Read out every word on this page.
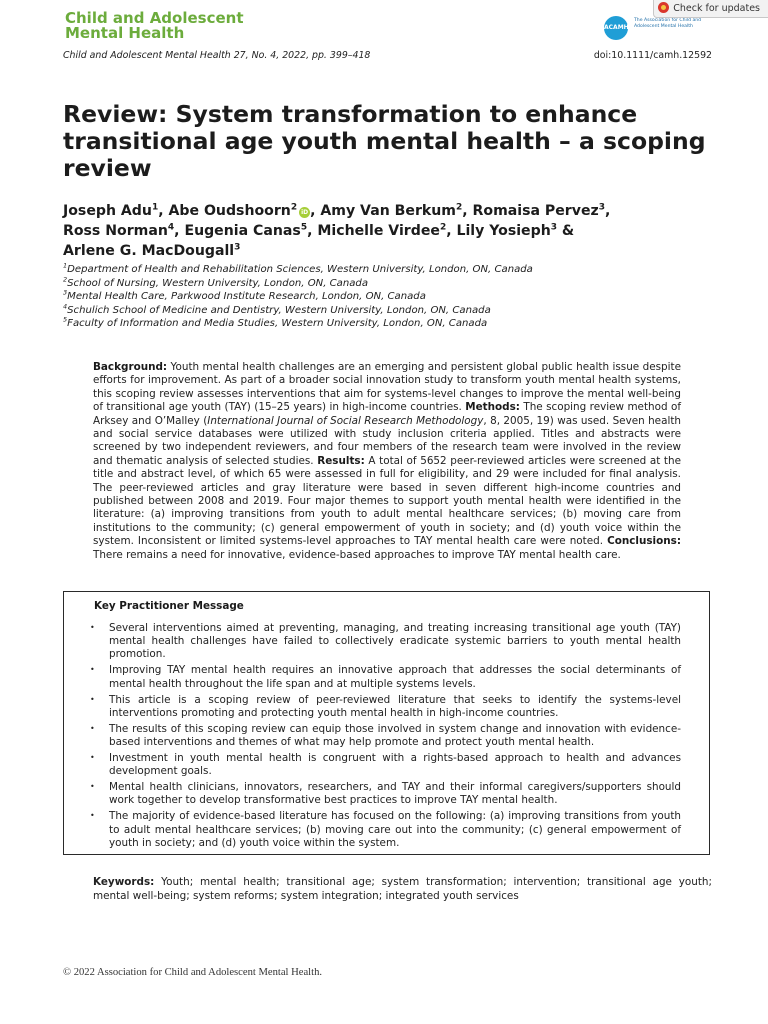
Child and Adolescent
Mental Health	ACAMH
The Association for Child and Adolescent Mental Health
Check for updates
Child and Adolescent Mental Health 27, No. 4, 2022, pp. 399–418	doi:10.1111/camh.12592
Review: System transformation to enhance
transitional age youth mental health – a scoping
review
Joseph Adu$^1$, Abe Oudshoorn$^2$iD , Amy Van Berkum$^2$, Romaisa Pervez$^3$,
Ross Norman$^4$, Eugenia Canas$^5$, Michelle Virdee$^2$, Lily Yosieph$^3$ &
Arlene G. MacDougall$^3$
$^1$Department of Health and Rehabilitation Sciences, Western University, London, ON, Canada
$^2$School of Nursing, Western University, London, ON, Canada
$^3$Mental Health Care, Parkwood Institute Research, London, ON, Canada
$^4$Schulich School of Medicine and Dentistry, Western University, London, ON, Canada
$^5$Faculty of Information and Media Studies, Western University, London, ON, Canada
Background: Youth mental health challenges are an emerging and persistent global public health issue despite efforts for improvement. As part of a broader social innovation study to transform youth mental health systems, this scoping review assesses interventions that aim for systems-level changes to improve the mental well-being of transitional age youth (TAY) (15–25 years) in high-income countries. Methods: The scoping review method of Arksey and O’Malley (International Journal of Social Research Methodology, 8, 2005, 19) was used. Seven health and social service databases were utilized with study inclusion criteria applied. Titles and abstracts were screened by two independent reviewers, and four members of the research team were involved in the review and thematic analysis of selected studies. Results: A total of 5652 peer-reviewed articles were screened at the title and abstract level, of which 65 were assessed in full for eligibility, and 29 were included for final analysis. The peer-reviewed articles and gray literature were based in seven different high-income countries and published between 2008 and 2019. Four major themes to support youth mental health were identified in the literature: (a) improving transitions from youth to adult mental healthcare services; (b) moving care from institutions to the community; (c) general empowerment of youth in society; and (d) youth voice within the system. Inconsistent or limited systems-level approaches to TAY mental health care were noted. Conclusions: There remains a need for innovative, evidence-based approaches to improve TAY mental health care.
Key Practitioner Message
• Several interventions aimed at preventing, managing, and treating increasing transitional age youth (TAY) mental health challenges have failed to collectively eradicate systemic barriers to youth mental health promotion.
• Improving TAY mental health requires an innovative approach that addresses the social determinants of mental health throughout the life span and at multiple systems levels.
• This article is a scoping review of peer-reviewed literature that seeks to identify the systems-level interventions promoting and protecting youth mental health in high-income countries.
• The results of this scoping review can equip those involved in system change and innovation with evidence-based interventions and themes of what may help promote and protect youth mental health.
• Investment in youth mental health is congruent with a rights-based approach to health and advances development goals.
• Mental health clinicians, innovators, researchers, and TAY and their informal caregivers/supporters should work together to develop transformative best practices to improve TAY mental health.
• The majority of evidence-based literature has focused on the following: (a) improving transitions from youth to adult mental healthcare services; (b) moving care out into the community; (c) general empowerment of youth in society; and (d) youth voice within the system.
Keywords: Youth; mental health; transitional age; system transformation; intervention; transitional age youth; mental well-being; system reforms; system integration; integrated youth services
© 2022 Association for Child and Adolescent Mental Health.
